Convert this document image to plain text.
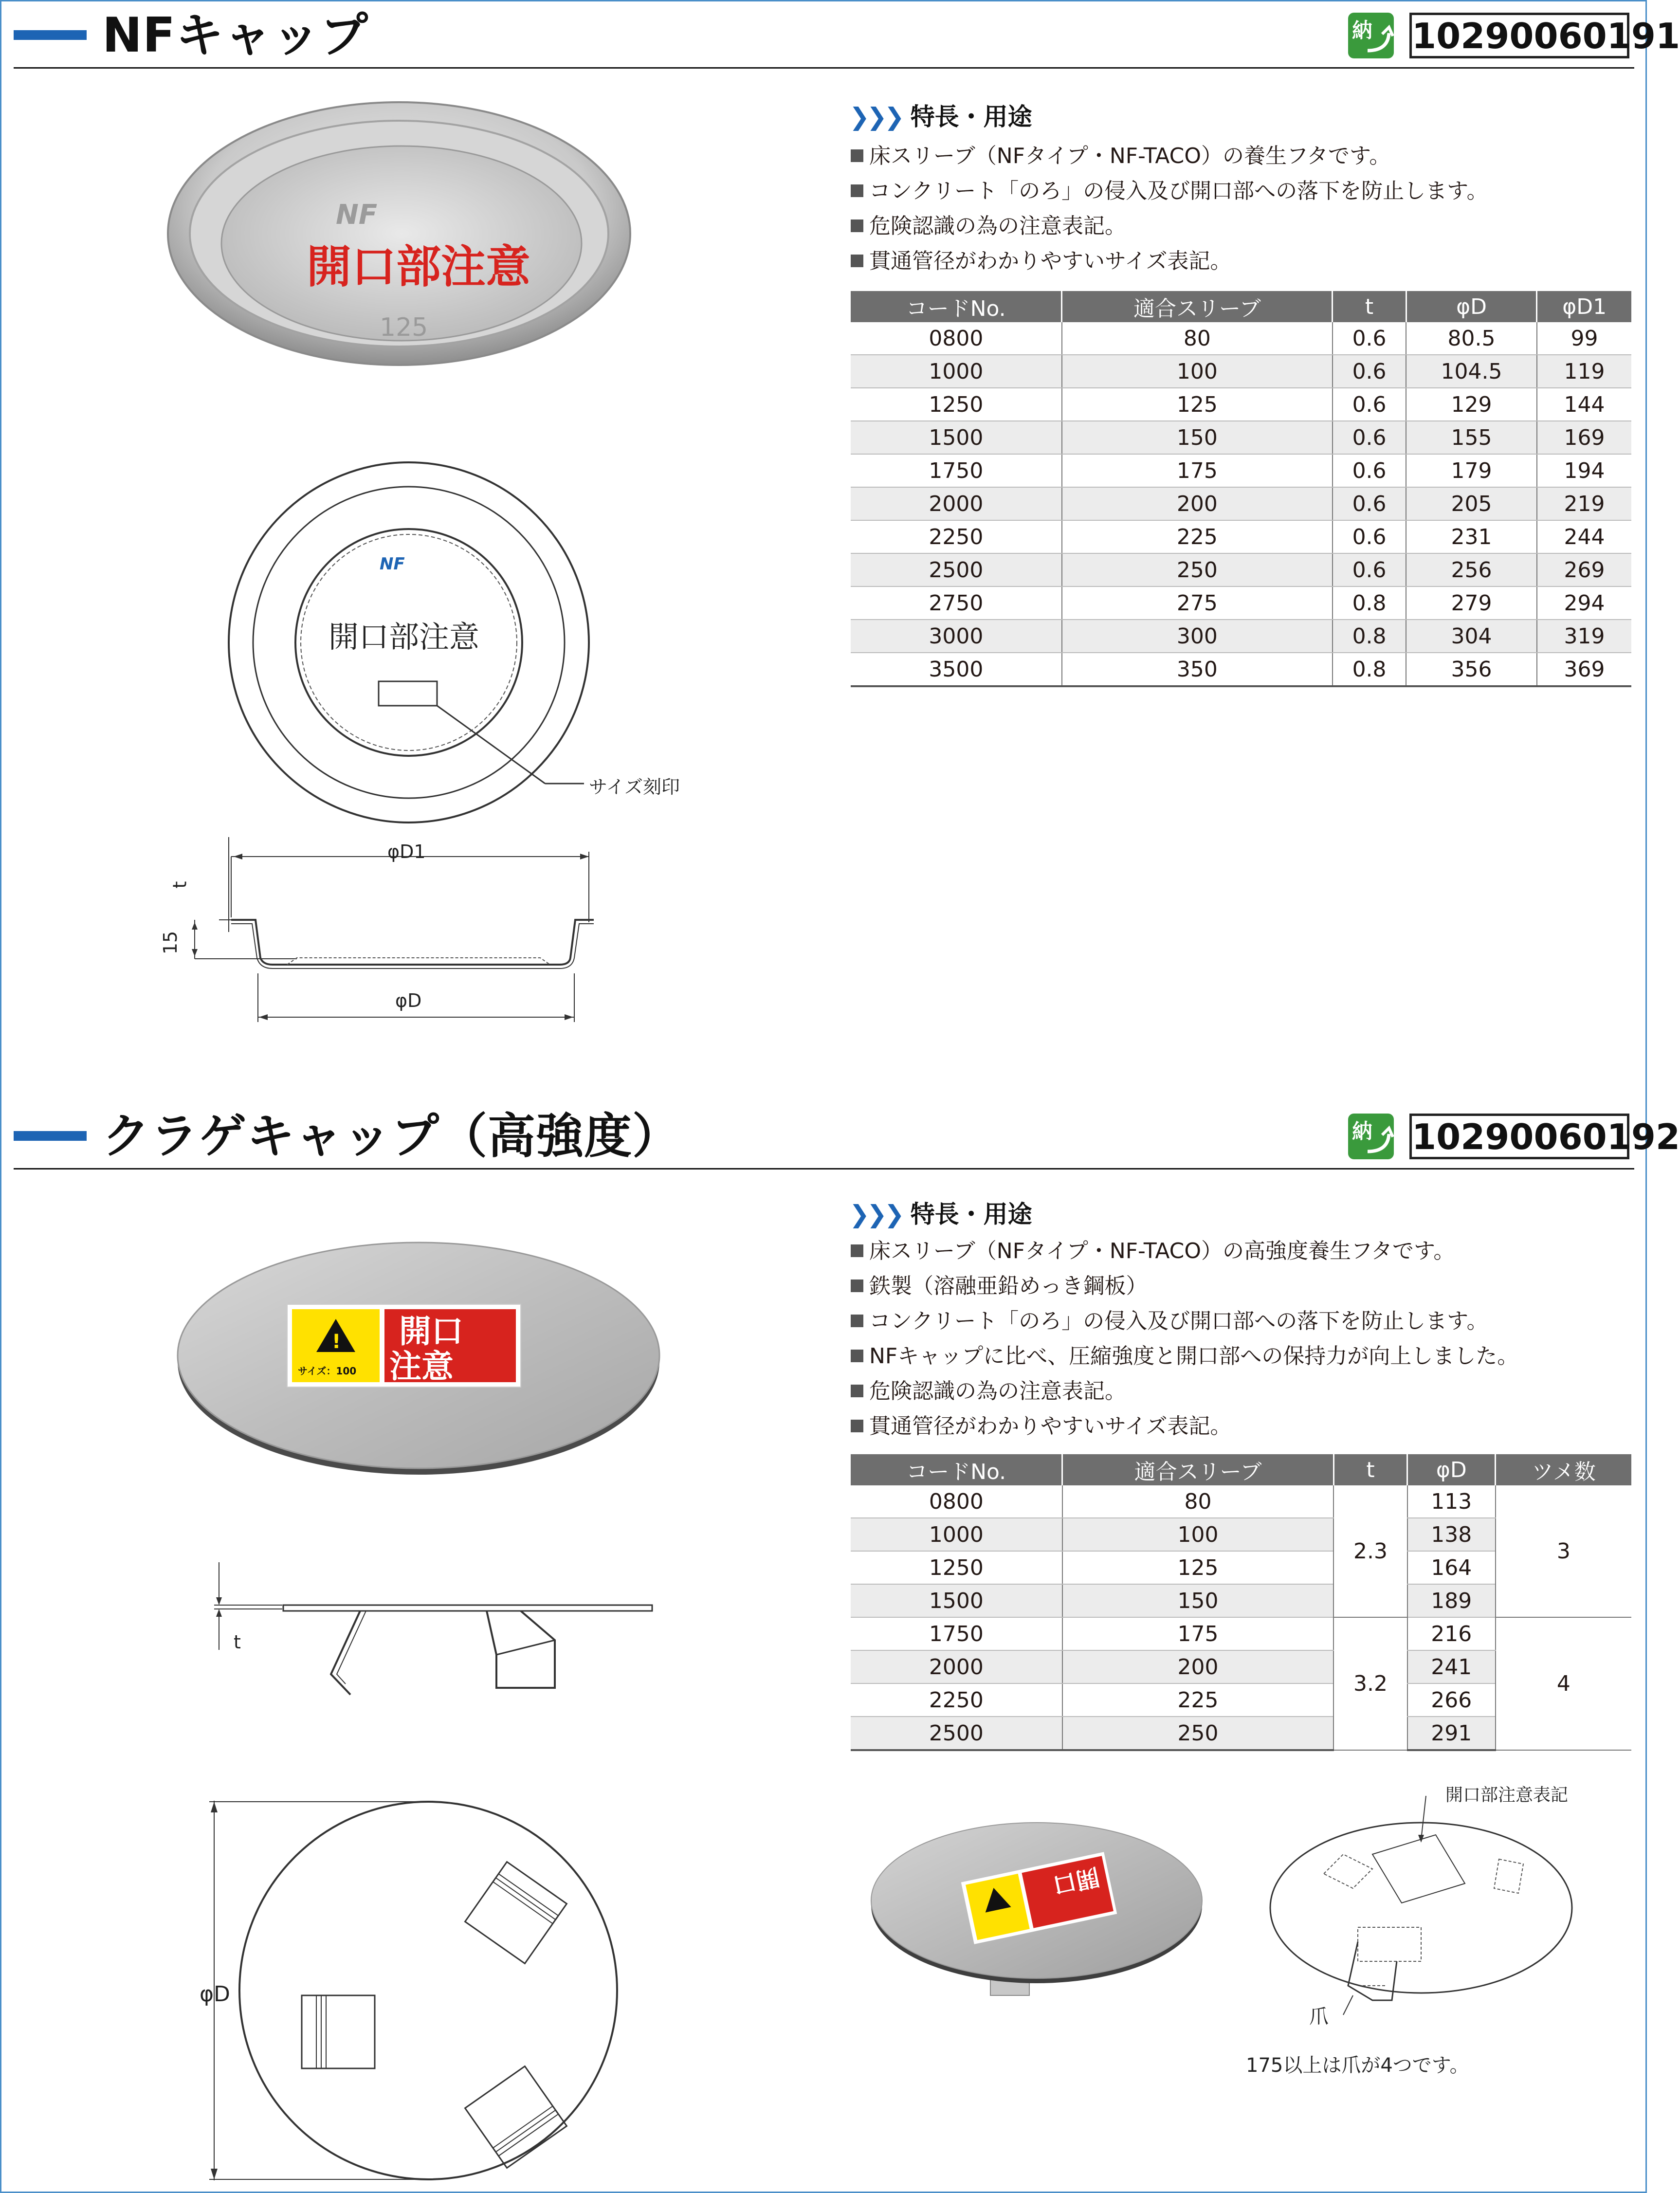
NFキャップ	納 10290060191
NF
開口部注意
125
NF
開口部注意
サイズ刻印
φD1
φD
t
15
❯❯❯ 特長・用途
床スリーブ（NFタイプ・NF-TACO）の養生フタです。
コンクリート「のろ」の侵入及び開口部への落下を防止します。
危険認識の為の注意表記。
貫通管径がわかりやすいサイズ表記。
コードNo.	適合スリーブ	t	φD	φD1
0800	80	0.6	80.5	99
1000	100	0.6	104.5	119
1250	125	0.6	129	144
1500	150	0.6	155	169
1750	175	0.6	179	194
2000	200	0.6	205	219
2250	225	0.6	231	244
2500	250	0.6	256	269
2750	275	0.8	279	294
3000	300	0.8	304	319
3500	350	0.8	356	369
クラゲキャップ（高強度）	納 10290060192
!
サイズ：100
開口
注意
t
φD
❯❯❯ 特長・用途
床スリーブ（NFタイプ・NF-TACO）の高強度養生フタです。
鉄製（溶融亜鉛めっき鋼板）
コンクリート「のろ」の侵入及び開口部への落下を防止します。
NFキャップに比べ、圧縮強度と開口部への保持力が向上しました。
危険認識の為の注意表記。
貫通管径がわかりやすいサイズ表記。
コードNo.	適合スリーブ	t	φD	ツメ数
0800	80	2.3	113	3
1000	100		138	
1250	125		164	
1500	150		189	
1750	175	3.2	216	4
2000	200		241	
2250	225		266	
2500	250		291	
開口
開口部注意表記
爪
175以上は爪が4つです。
